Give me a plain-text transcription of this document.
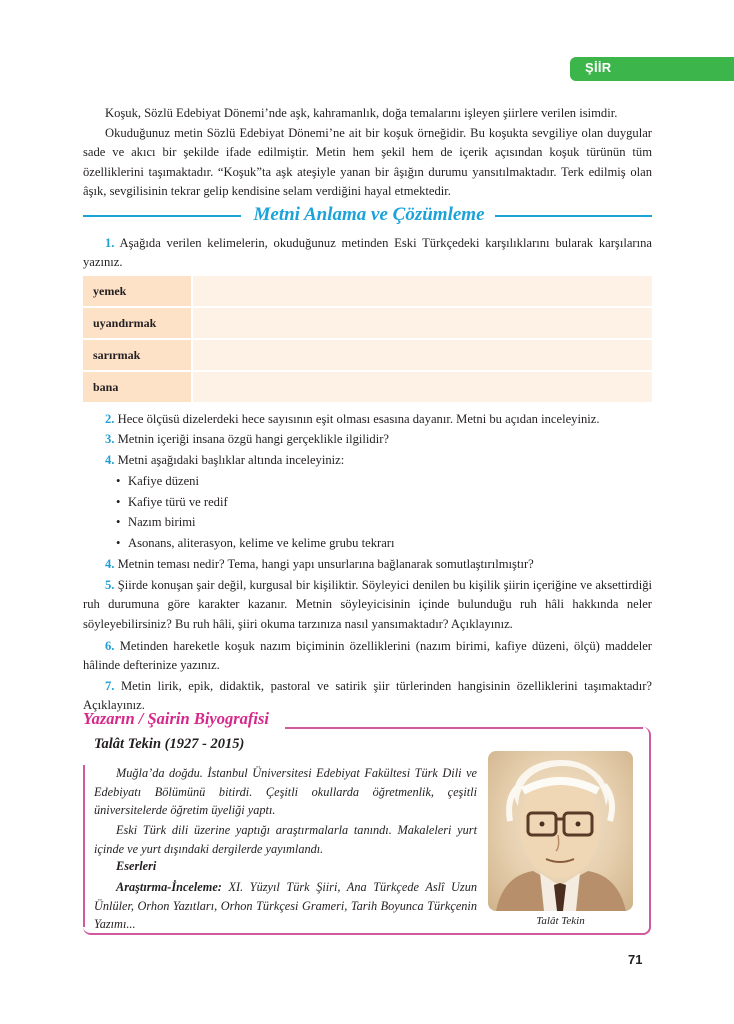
ŞİİR

Koşuk, Sözlü Edebiyat Dönemi’nde aşk, kahramanlık, doğa temalarını işleyen şiirlere verilen isimdir.

Okuduğunuz metin Sözlü Edebiyat Dönemi’ne ait bir koşuk örneğidir. Bu koşukta sevgiliye olan duygular sade ve akıcı bir şekilde ifade edilmiştir. Metin hem şekil hem de içerik açısından koşuk türünün tüm özelliklerini taşımaktadır. “Koşuk”ta aşk ateşiyle yanan bir âşığın durumu yansıtılmaktadır. Terk edilmiş olan âşık, sevgilisinin tekrar gelip kendisine selam verdiğini hayal etmektedir.

Metni Anlama ve Çözümleme

1. Aşağıda verilen kelimelerin, okuduğunuz metinden Eski Türkçedeki karşılıklarını bularak karşılarına yazınız.

yemek
uyandırmak
sarırmak
bana

2. Hece ölçüsü dizelerdeki hece sayısının eşit olması esasına dayanır. Metni bu açıdan inceleyiniz.

3. Metnin içeriği insana özgü hangi gerçeklikle ilgilidir?

4. Metni aşağıdaki başlıklar altında inceleyiniz:

• Kafiye düzeni
• Kafiye türü ve redif
• Nazım birimi
• Asonans, aliterasyon, kelime ve kelime grubu tekrarı

4. Metnin teması nedir? Tema, hangi yapı unsurlarına bağlanarak somutlaştırılmıştır?

5. Şiirde konuşan şair değil, kurgusal bir kişiliktir. Söyleyici denilen bu kişilik şiirin içeriğine ve aksettirdiği ruh durumuna göre karakter kazanır. Metnin söyleyicisinin içinde bulunduğu ruh hâli hakkında neler söyleyebilirsiniz? Bu ruh hâli, şiiri okuma tarzınıza nasıl yansımaktadır? Açıklayınız.

6. Metinden hareketle koşuk nazım biçiminin özelliklerini (nazım birimi, kafiye düzeni, ölçü) maddeler hâlinde defterinize yazınız.

7. Metin lirik, epik, didaktik, pastoral ve satirik şiir türlerinden hangisinin özelliklerini taşımaktadır? Açıklayınız.

Yazarın / Şairin Biyografisi
Talât Tekin (1927 - 2015)

Muğla’da doğdu. İstanbul Üniversitesi Edebiyat Fakültesi Türk Dili ve Edebiyatı Bölümünü bitirdi. Çeşitli okullarda öğretmenlik, çeşitli üniversitelerde öğretim üyeliği yaptı.

Eski Türk dili üzerine yaptığı araştırmalarla tanındı. Makaleleri yurt içinde ve yurt dışındaki dergilerde yayımlandı.

Eserleri

Araştırma-İnceleme: XI. Yüzyıl Türk Şiiri, Ana Türkçede Aslî Uzun Ünlüler, Orhon Yazıtları, Orhon Türkçesi Grameri, Tarih Boyunca Türkçenin Yazımı...	Talât Tekin
71
